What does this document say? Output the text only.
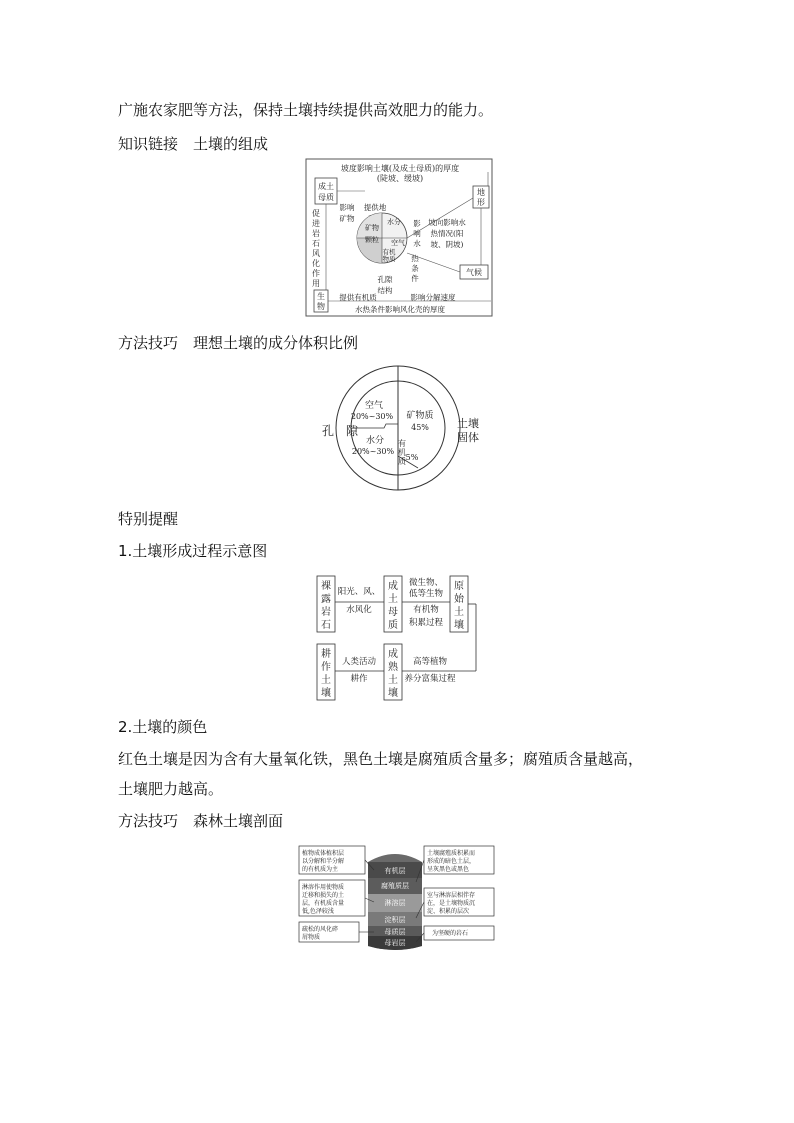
广施农家肥等方法，保持土壤持续提供高效肥力的能力。
知识链接　土壤的组成
坡度影响土壤(及成土母质)的厚度
(陡坡、缓坡)
成土
母质
影响
矿物
提供地
促
进
岩
石
风
化
作
用
矿物
颗粒
水分
空气
有机
物质
地
形
坡向影响水
热情况(阳
坡、阴坡)
影
响
水
热
条
件
孔隙
结构
气候
生
物
提供有机质	影响分解速度
水热条件影响风化壳的厚度
方法技巧　理想土壤的成分体积比例
空气
20%~30%
水分
20%~30%
矿物质
45%
有
机
质 5%
孔　隙
土壤
固体
特别提醒
1.土壤形成过程示意图
裸
露
岩
石
成
土
母
质
原
始
土
壤
耕
作
土
壤
成
熟
土
壤
阳光、风、
水风化
微生物、
低等生物
有机物
积累过程
人类活动
耕作
高等植物
养分富集过程
2.土壤的颜色
红色土壤是因为含有大量氧化铁，黑色土壤是腐殖质含量多；腐殖质含量越高，
土壤肥力越高。
方法技巧　森林土壤剖面
植物成体植积层
以分解和半分解
的有机质为主
淋溶作用使物质
迁移和损失的土
层，有机质含量
低,色泽较浅
疏松的风化碎
屑物质
土壤腐殖质积累而
形成的暗色土层，
呈灰黑色或黑色
室与淋溶层相伴存
在，是土壤物质沉
淀、积累的层次
为坚硬的岩石
有机层
腐殖质层
淋溶层
淀积层
母质层
母岩层
